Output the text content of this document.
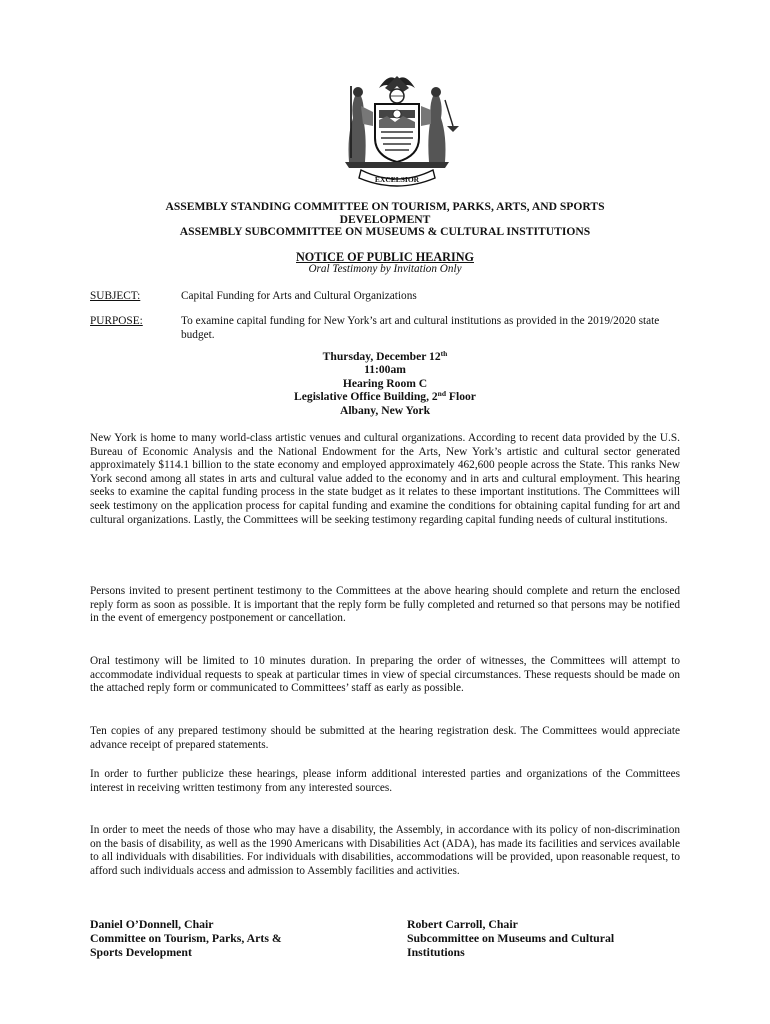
EXCELSIOR
ASSEMBLY STANDING COMMITTEE ON TOURISM, PARKS, ARTS, AND SPORTS
DEVELOPMENT
ASSEMBLY SUBCOMMITTEE ON MUSEUMS & CULTURAL INSTITUTIONS
NOTICE OF PUBLIC HEARING
Oral Testimony by Invitation Only
SUBJECT:	Capital Funding for Arts and Cultural Organizations
PURPOSE:	To examine capital funding for New York’s art and cultural institutions as provided in the 2019/2020 state budget.
Thursday, December 12th
11:00am
Hearing Room C
Legislative Office Building, 2nd Floor
Albany, New York

New York is home to many world-class artistic venues and cultural organizations. According to recent data provided by the U.S. Bureau of Economic Analysis and the National Endowment for the Arts, New York’s artistic and cultural sector generated approximately $114.1 billion to the state economy and employed approximately 462,600 people across the State. This ranks New York second among all states in arts and cultural value added to the economy and in arts and cultural employment. This hearing seeks to examine the capital funding process in the state budget as it relates to these important institutions. The Committees will seek testimony on the application process for capital funding and examine the conditions for obtaining capital funding for art and cultural organizations. Lastly, the Committees will be seeking testimony regarding capital funding needs of cultural institutions.

Persons invited to present pertinent testimony to the Committees at the above hearing should complete and return the enclosed reply form as soon as possible. It is important that the reply form be fully completed and returned so that persons may be notified in the event of emergency postponement or cancellation.

Oral testimony will be limited to 10 minutes duration. In preparing the order of witnesses, the Committees will attempt to accommodate individual requests to speak at particular times in view of special circumstances. These requests should be made on the attached reply form or communicated to Committees’ staff as early as possible.

Ten copies of any prepared testimony should be submitted at the hearing registration desk. The Committees would appreciate advance receipt of prepared statements.

In order to further publicize these hearings, please inform additional interested parties and organizations of the Committees interest in receiving written testimony from any interested sources.

In order to meet the needs of those who may have a disability, the Assembly, in accordance with its policy of non-discrimination on the basis of disability, as well as the 1990 Americans with Disabilities Act (ADA), has made its facilities and services available to all individuals with disabilities. For individuals with disabilities, accommodations will be provided, upon reasonable request, to afford such individuals access and admission to Assembly facilities and activities.

Daniel O’Donnell, Chair
Committee on Tourism, Parks, Arts &
Sports Development
Robert Carroll, Chair
Subcommittee on Museums and Cultural
Institutions
